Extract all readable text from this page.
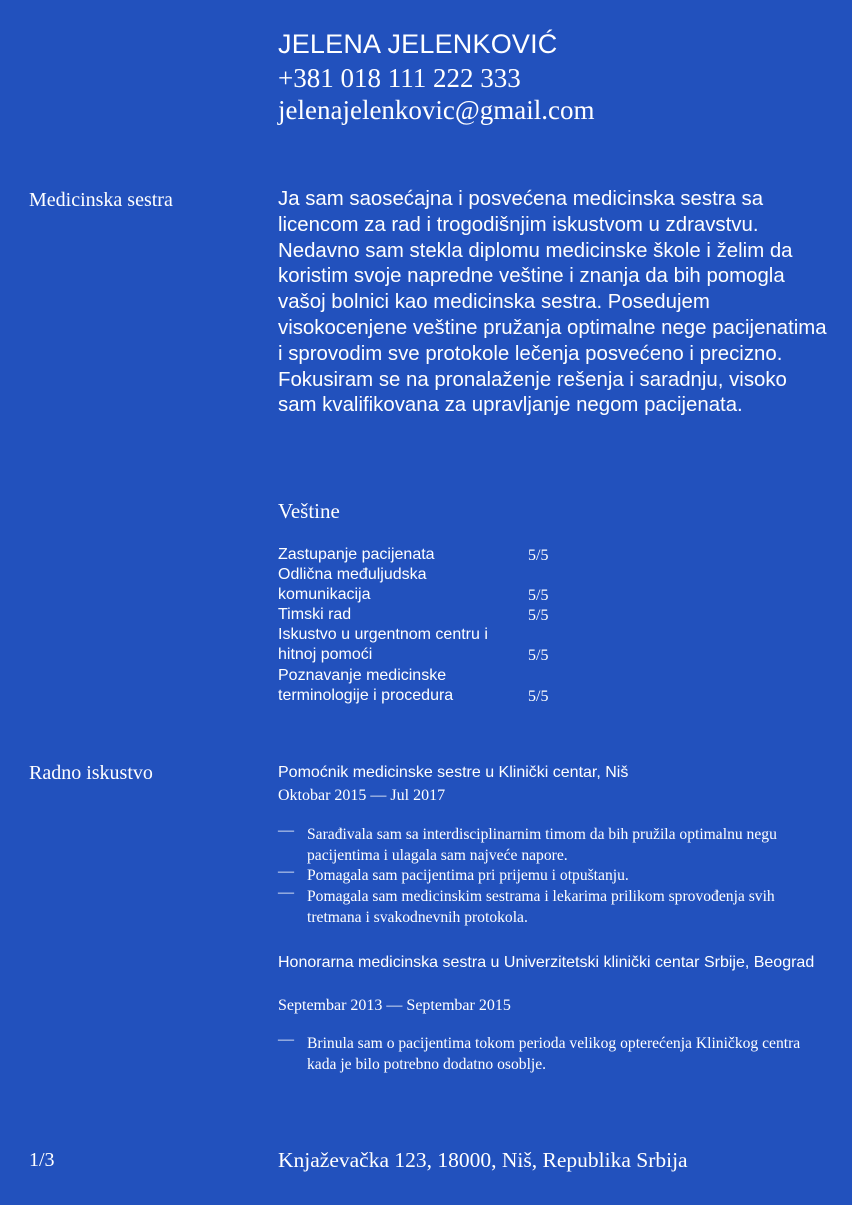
JELENA JELENKOVIĆ
+381 018 111 222 333
jelenajelenkovic@gmail.com
Medicinska sestra	Ja sam saosećajna i posvećena medicinska sestra sa licencom za rad i trogodišnjim iskustvom u zdravstvu. Nedavno sam stekla diplomu medicinske škole i želim da koristim svoje napredne veštine i znanja da bih pomogla vašoj bolnici kao medicinska sestra. Posedujem visokocenjene veštine pružanja optimalne nege pacijenatima i sprovodim sve protokole lečenja posvećeno i precizno. Fokusiram se na pronalaženje rešenja i saradnju, visoko sam kvalifikovana za upravljanje negom pacijenata.
Veštine
Zastupanje pacijenata	5/5
Odlična međuljudska komunikacija	5/5
Timski rad	5/5
Iskustvo u urgentnom centru i hitnoj pomoći	5/5
Poznavanje medicinske terminologije i procedura	5/5
Radno iskustvo	Pomoćnik medicinske sestre u Klinički centar, Niš
Oktobar 2015 — Jul 2017
— Sarađivala sam sa interdisciplinarnim timom da bih pružila optimalnu negu pacijentima i ulagala sam najveće napore.
— Pomagala sam pacijentima pri prijemu i otpuštanju.
— Pomagala sam medicinskim sestrama i lekarima prilikom sprovođenja svih tretmana i svakodnevnih protokola.
Honorarna medicinska sestra u Univerzitetski klinički centar Srbije, Beograd
Septembar 2013 — Septembar 2015
— Brinula sam o pacijentima tokom perioda velikog opterećenja Kliničkog centra kada je bilo potrebno dodatno osoblje.
1/3	Knjaževačka 123, 18000, Niš, Republika Srbija
